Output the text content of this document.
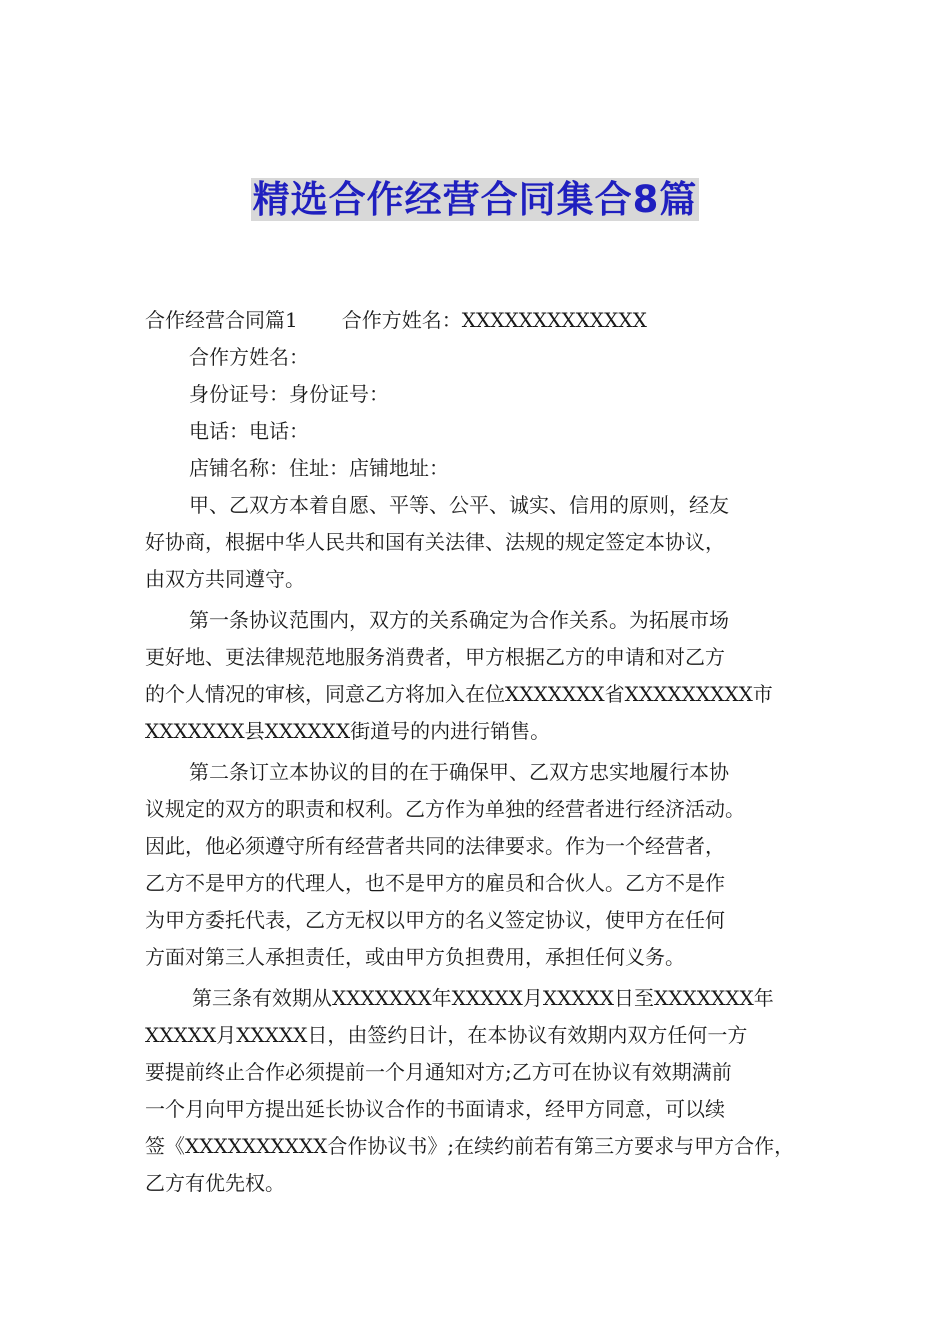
精选合作经营合同集合8篇
合作经营合同篇1 合作方姓名：XXXXXXXXXXXXX
合作方姓名：
身份证号：身份证号：
电话：电话：
店铺名称：住址：店铺地址：
甲、乙双方本着自愿、平等、公平、诚实、信用的原则，经友
好协商，根据中华人民共和国有关法律、法规的规定签定本协议，
由双方共同遵守。
第一条协议范围内，双方的关系确定为合作关系。为拓展市场
更好地、更法律规范地服务消费者，甲方根据乙方的申请和对乙方
的个人情况的审核，同意乙方将加入在位XXXXXXX省XXXXXXXXX市
XXXXXXX县XXXXXX街道号的内进行销售。
第二条订立本协议的目的在于确保甲、乙双方忠实地履行本协
议规定的双方的职责和权利。乙方作为单独的经营者进行经济活动。
因此，他必须遵守所有经营者共同的法律要求。作为一个经营者，
乙方不是甲方的代理人，也不是甲方的雇员和合伙人。乙方不是作
为甲方委托代表，乙方无权以甲方的名义签定协议，使甲方在任何
方面对第三人承担责任，或由甲方负担费用，承担任何义务。
第三条有效期从XXXXXXX年XXXXX月XXXXX日至XXXXXXX年
XXXXX月XXXXX日，由签约日计，在本协议有效期内双方任何一方
要提前终止合作必须提前一个月通知对方;乙方可在协议有效期满前
一个月向甲方提出延长协议合作的书面请求，经甲方同意，可以续
签《XXXXXXXXXX合作协议书》;在续约前若有第三方要求与甲方合作，
乙方有优先权。
